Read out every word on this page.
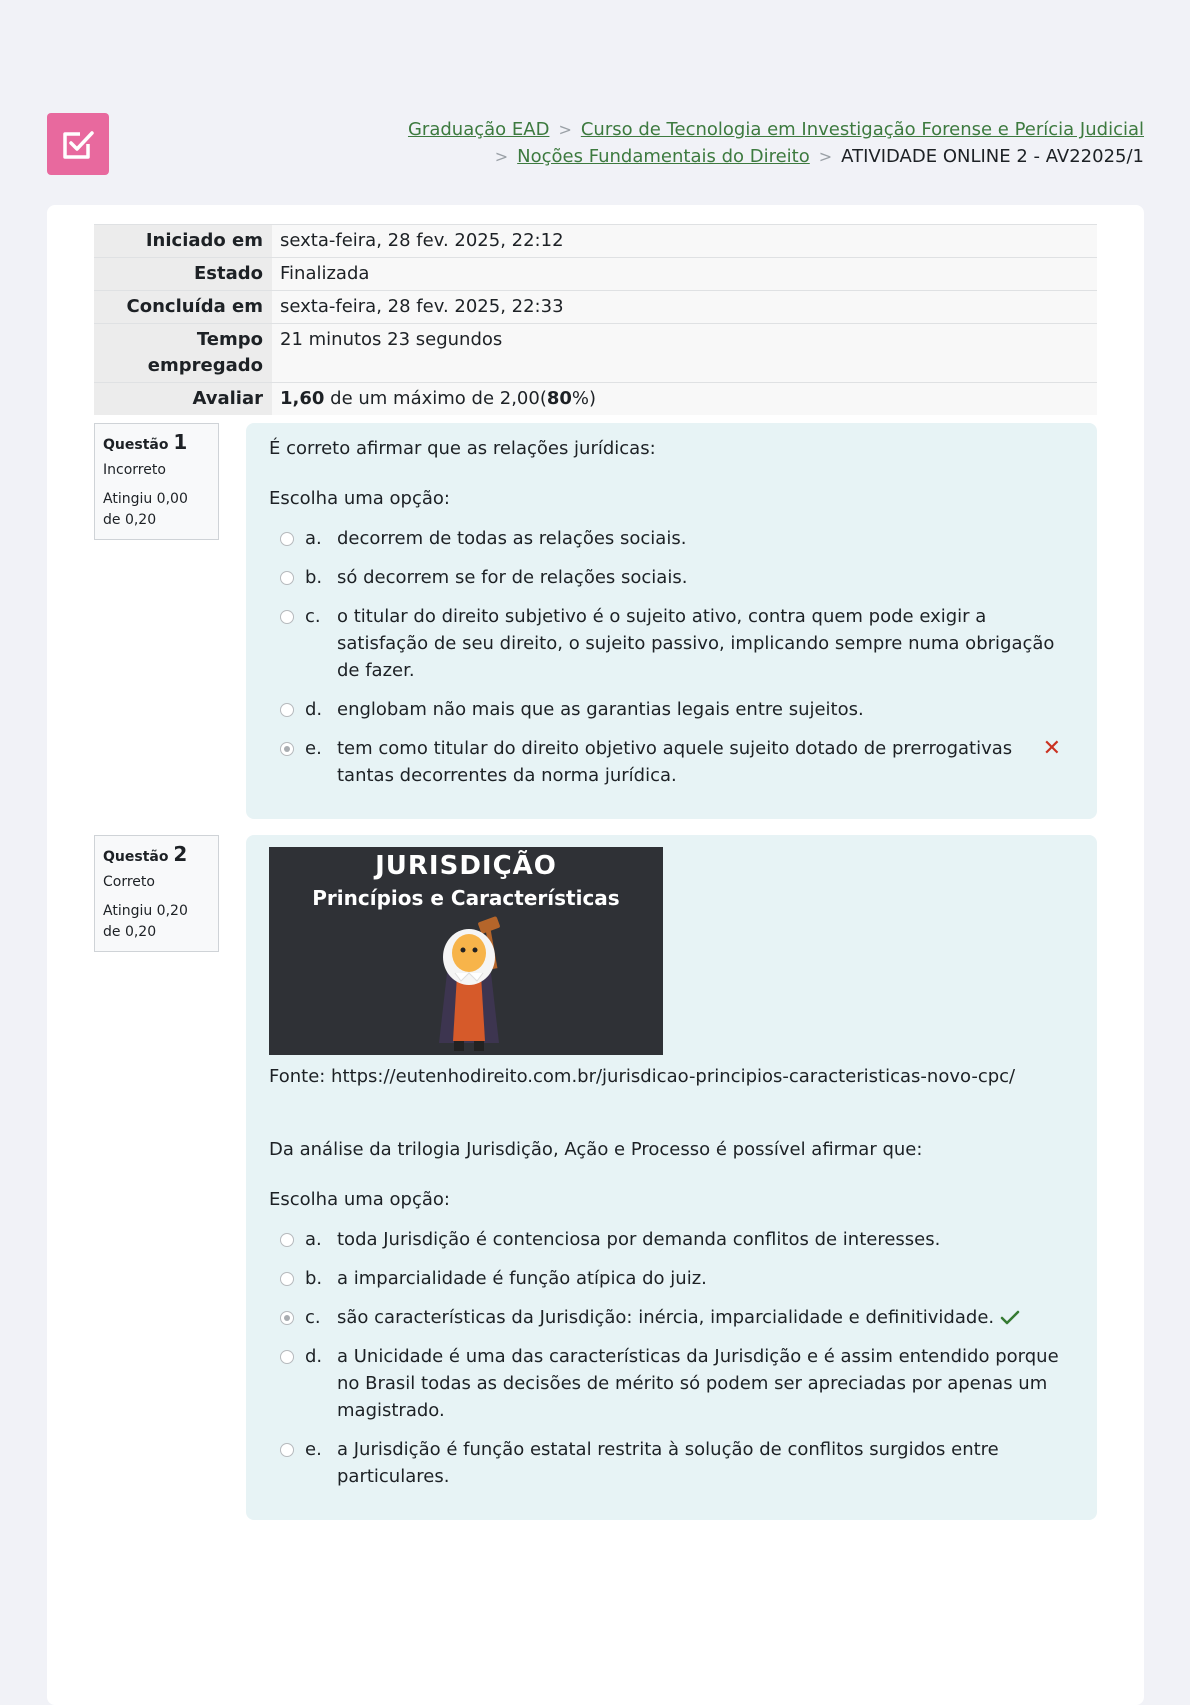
Graduação EAD > Curso de Tecnologia em Investigação Forense e Perícia Judicial
> Noções Fundamentais do Direito > ATIVIDADE ONLINE 2 - AV22025/1
Iniciado em	sexta-feira, 28 fev. 2025, 22:12
Estado	Finalizada
Concluída em	sexta-feira, 28 fev. 2025, 22:33
Tempo
empregado	21 minutos 23 segundos
Avaliar	1,60 de um máximo de 2,00(80%)
Questão 1
Incorreto
Atingiu 0,00
de 0,20

É correto afirmar que as relações jurídicas:

Escolha uma opção:

a. decorrem de todas as relações sociais.
b. só decorrem se for de relações sociais.
c. o titular do direito subjetivo é o sujeito ativo, contra quem pode exigir a satisfação de seu direito, o sujeito passivo, implicando sempre numa obrigação de fazer.
d. englobam não mais que as garantias legais entre sujeitos.
e. tem como titular do direito objetivo aquele sujeito dotado de prerrogativas tantas decorrentes da norma jurídica.
✕
Questão 2
Correto
Atingiu 0,20
de 0,20
JURISDIÇÃO
Princípios e Características

Fonte: https://eutenhodireito.com.br/jurisdicao-principios-caracteristicas-novo-cpc/

Da análise da trilogia Jurisdição, Ação e Processo é possível afirmar que:

Escolha uma opção:

a. toda Jurisdição é contenciosa por demanda conflitos de interesses.
b. a imparcialidade é função atípica do juiz.
c. são características da Jurisdição: inércia, imparcialidade e definitividade.
d. a Unicidade é uma das características da Jurisdição e é assim entendido porque no Brasil todas as decisões de mérito só podem ser apreciadas por apenas um magistrado.
e. a Jurisdição é função estatal restrita à solução de conflitos surgidos entre particulares.
